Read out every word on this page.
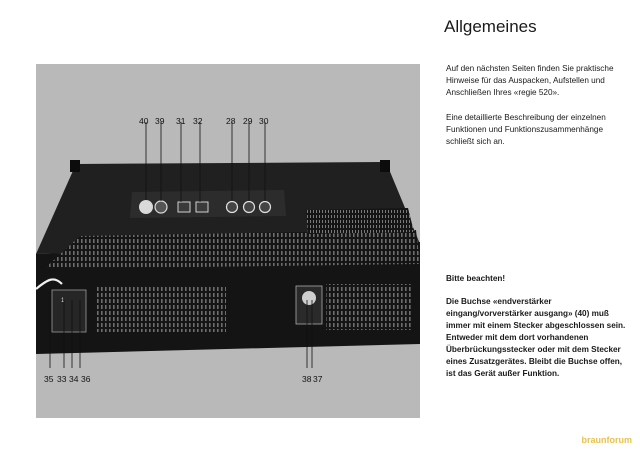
1
40 39 31 32	28 29 30
35 33 34 36	38 37
Allgemeines

Auf den nächsten Seiten finden Sie praktische Hinweise für das Auspacken, Aufstellen und Anschließen Ihres «regie 520».

Eine detaillierte Beschreibung der einzelnen Funktionen und Funktionszusammenhänge schließt sich an.

Bitte beachten!

Die Buchse «endverstärker eingang/vorverstärker ausgang» (40) muß immer mit einem Stecker abgeschlossen sein. Entweder mit dem dort vorhandenen Überbrückungsstecker oder mit dem Stecker eines Zusatzgerätes. Bleibt die Buchse offen, ist das Gerät außer Funktion.

braunforum
